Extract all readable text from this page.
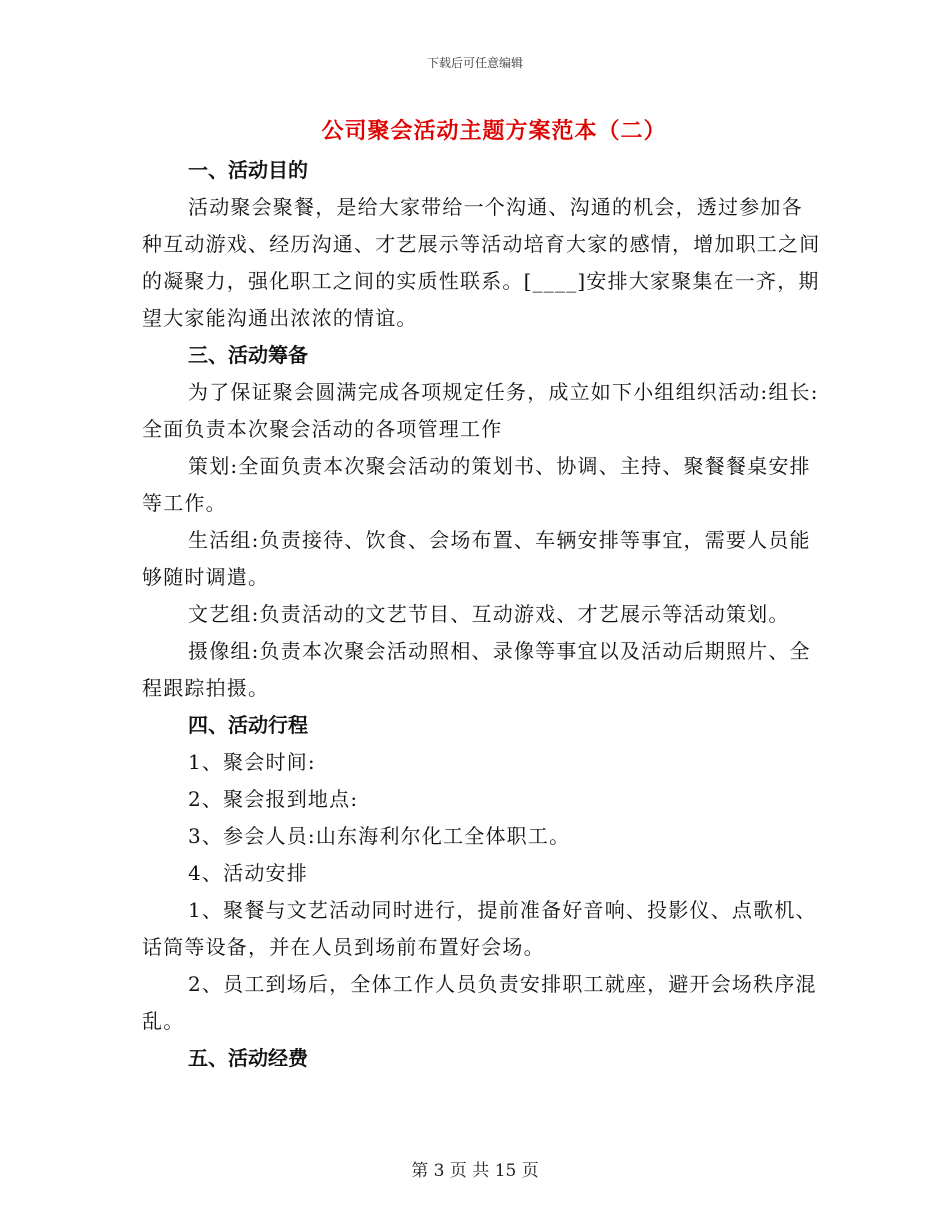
下载后可任意编辑
公司聚会活动主题方案范本（二）

一、活动目的

活动聚会聚餐，是给大家带给一个沟通、沟通的机会，透过参加各种互动游戏、经历沟通、才艺展示等活动培育大家的感情，增加职工之间的凝聚力，强化职工之间的实质性联系。[____]安排大家聚集在一齐，期望大家能沟通出浓浓的情谊。

三、活动筹备

为了保证聚会圆满完成各项规定任务，成立如下小组组织活动:组长:全面负责本次聚会活动的各项管理工作

策划:全面负责本次聚会活动的策划书、协调、主持、聚餐餐桌安排等工作。

生活组:负责接待、饮食、会场布置、车辆安排等事宜，需要人员能够随时调遣。

文艺组:负责活动的文艺节目、互动游戏、才艺展示等活动策划。

摄像组:负责本次聚会活动照相、录像等事宜以及活动后期照片、全程跟踪拍摄。

四、活动行程

1、聚会时间:

2、聚会报到地点:

3、参会人员:山东海利尔化工全体职工。

4、活动安排

1、聚餐与文艺活动同时进行，提前准备好音响、投影仪、点歌机、话筒等设备，并在人员到场前布置好会场。

2、员工到场后，全体工作人员负责安排职工就座，避开会场秩序混乱。

五、活动经费

第 3 页 共 15 页
